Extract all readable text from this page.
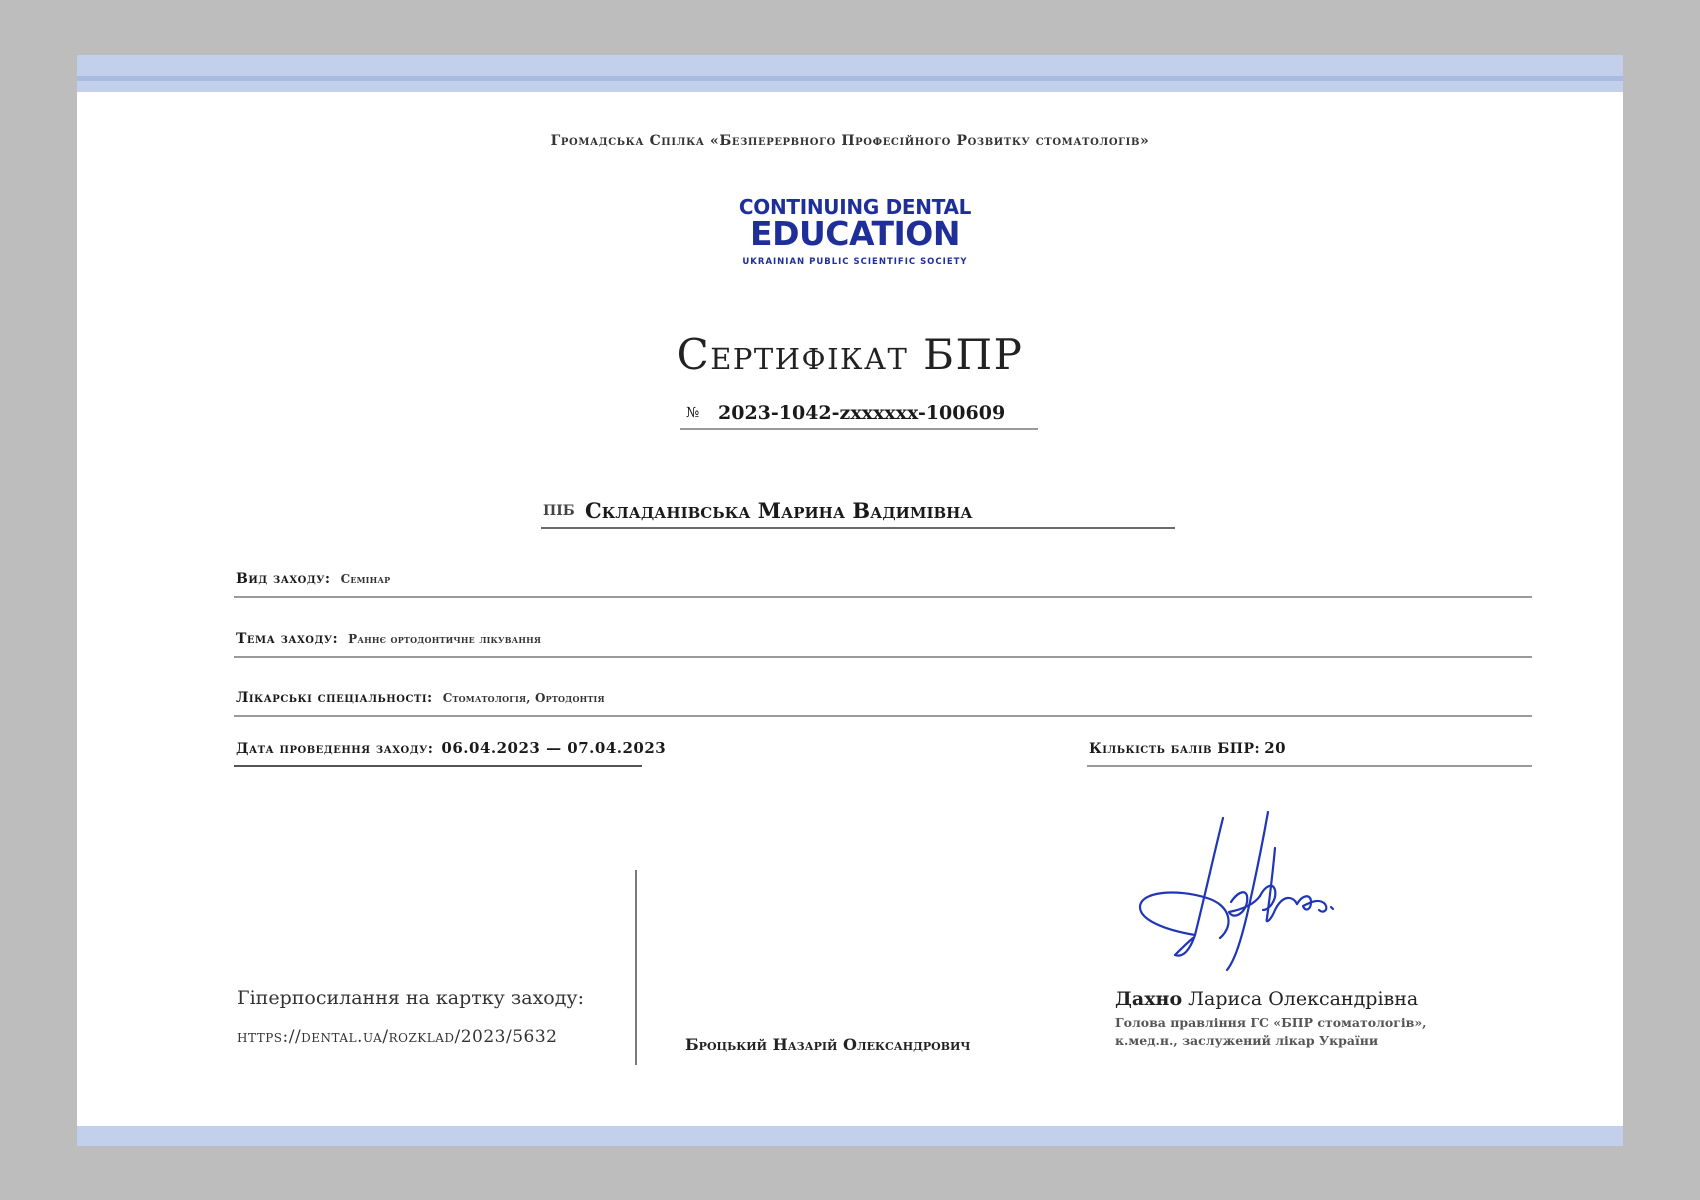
Громадська Спілка «Безперервного Професійного Розвитку стоматологів»
CONTINUING DENTAL
EDUCATION
UKRAINIAN PUBLIC SCIENTIFIC SOCIETY
Сертифікат БПР
№ 2023-1042-zxxxxxx-100609
ПІБ Складанівська Марина Вадимівна
Вид заходу: Семінар
Тема заходу: Раннє ортодонтичне лікування
Лікарські спеціальності: Стоматологія, Ортодонтія
Дата проведення заходу: 06.04.2023 — 07.04.2023	Кількість балів БПР: 20
Гіперпосилання на картку заходу:
https://dental.ua/rozklad/2023/5632	Броцький Назарій Олександрович
Дахно Лариса Олександрівна
Голова правління ГС «БПР стоматологів»,
к.мед.н., заслужений лікар України
